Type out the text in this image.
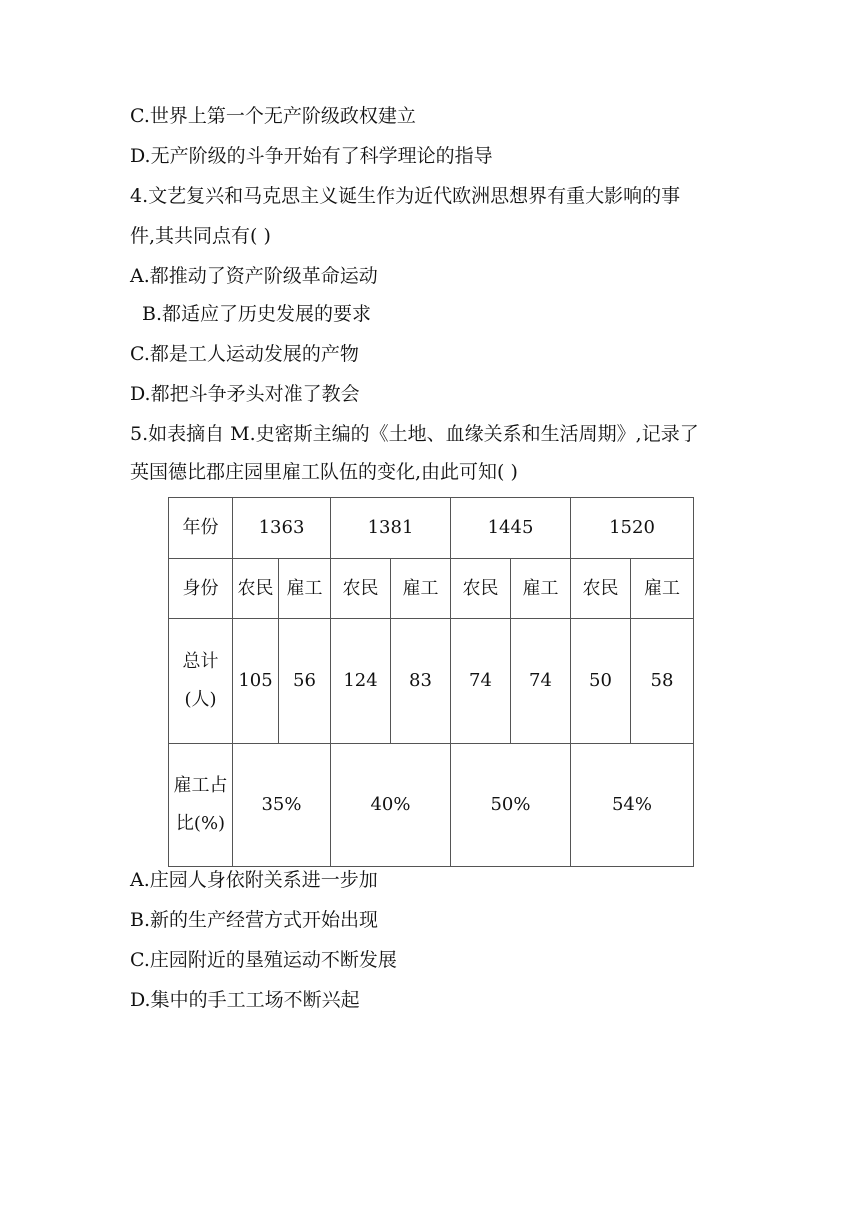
C.世界上第一个无产阶级政权建立
D.无产阶级的斗争开始有了科学理论的指导
4.文艺复兴和马克思主义诞生作为近代欧洲思想界有重大影响的事
件,其共同点有( )
A.都推动了资产阶级革命运动
B.都适应了历史发展的要求
C.都是工人运动发展的产物
D.都把斗争矛头对准了教会
5.如表摘自 M.史密斯主编的《土地、血缘关系和生活周期》,记录了
英国德比郡庄园里雇工队伍的变化,由此可知( )
年份	1363		1381		1445		1520	
身份	农民	雇工	农民	雇工	农民	雇工	农民	雇工
总计
(人)	105	56	124	83	74	74	50	58
雇工占
比(%)	35%		40%		50%		54%	
A.庄园人身依附关系进一步加
B.新的生产经营方式开始出现
C.庄园附近的垦殖运动不断发展
D.集中的手工工场不断兴起
